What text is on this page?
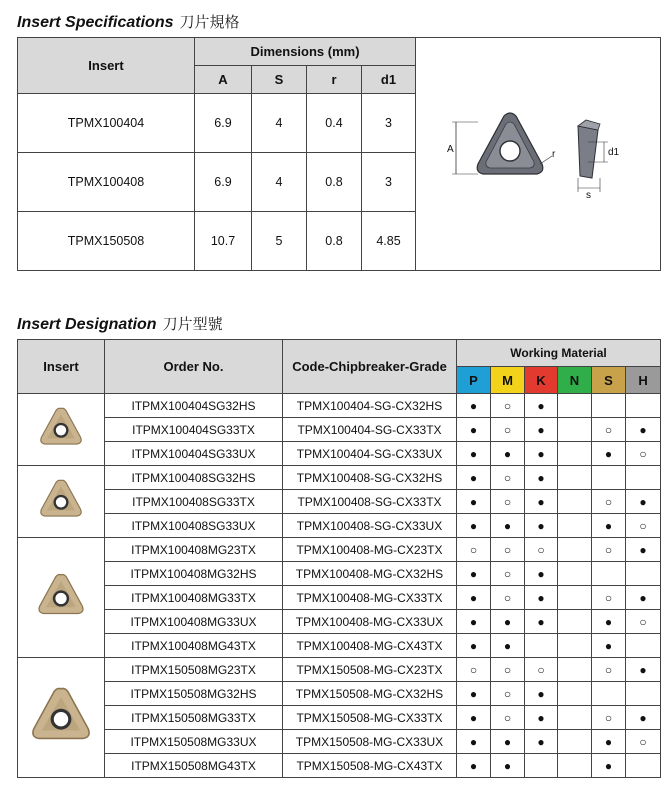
Insert Specifications 刀片規格
Insert	Dimensions (mm)				A r d1
s

	A	S	r	d1	
TPMX100404	6.9	4	0.4	3	
TPMX100408	6.9	4	0.8	3	
TPMX150508	10.7	5	0.8	4.85	
Insert Designation 刀片型號
Insert	Order No.	Code-Chipbreaker-Grade	Working Material					
			P	M	K	N	S	H
	ITPMX100404SG32HS	TPMX100404-SG-CX32HS	●	○	●			
	ITPMX100404SG33TX	TPMX100404-SG-CX33TX	●	○	●		○	●
	ITPMX100404SG33UX	TPMX100404-SG-CX33UX	●	●	●		●	○
	ITPMX100408SG32HS	TPMX100408-SG-CX32HS	●	○	●			
	ITPMX100408SG33TX	TPMX100408-SG-CX33TX	●	○	●		○	●
	ITPMX100408SG33UX	TPMX100408-SG-CX33UX	●	●	●		●	○
	ITPMX100408MG23TX	TPMX100408-MG-CX23TX	○	○	○		○	●
	ITPMX100408MG32HS	TPMX100408-MG-CX32HS	●	○	●			
	ITPMX100408MG33TX	TPMX100408-MG-CX33TX	●	○	●		○	●
	ITPMX100408MG33UX	TPMX100408-MG-CX33UX	●	●	●		●	○
	ITPMX100408MG43TX	TPMX100408-MG-CX43TX	●	●			●	
	ITPMX150508MG23TX	TPMX150508-MG-CX23TX	○	○	○		○	●
	ITPMX150508MG32HS	TPMX150508-MG-CX32HS	●	○	●			
	ITPMX150508MG33TX	TPMX150508-MG-CX33TX	●	○	●		○	●
	ITPMX150508MG33UX	TPMX150508-MG-CX33UX	●	●	●		●	○
	ITPMX150508MG43TX	TPMX150508-MG-CX43TX	●	●			●	
